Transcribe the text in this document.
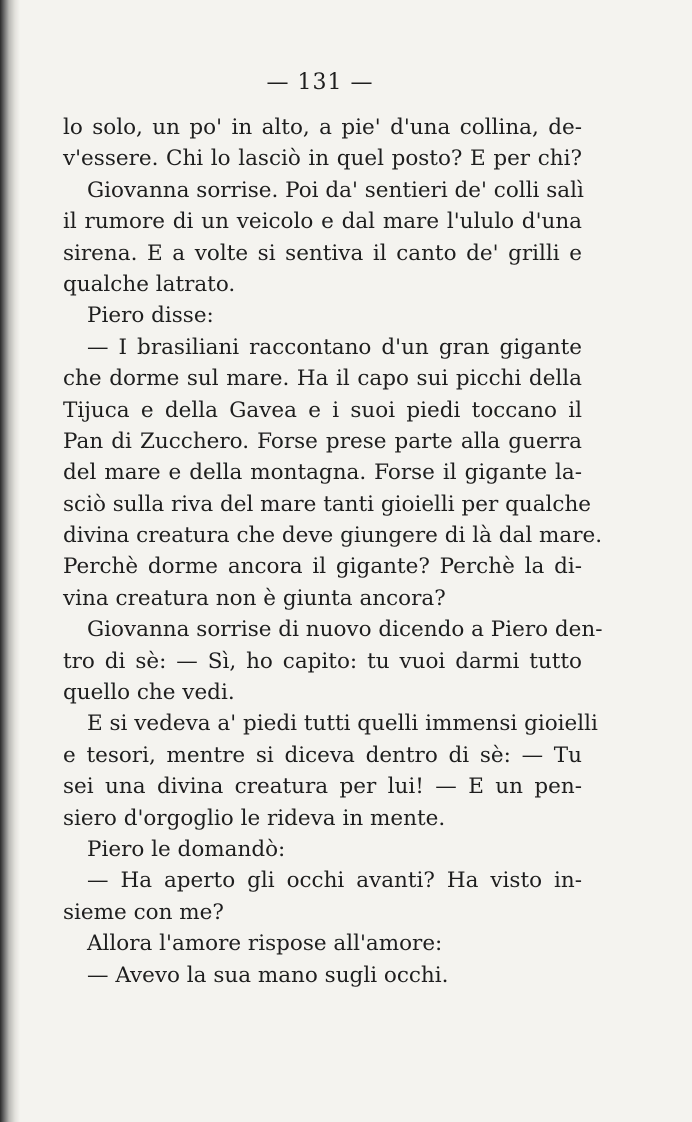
— 131 —
lo solo, un po' in alto, a pie' d'una collina, de-
v'essere. Chi lo lasciò in quel posto? E per chi?
Giovanna sorrise. Poi da' sentieri de' colli salì
il rumore di un veicolo e dal mare l'ululo d'una
sirena. E a volte si sentiva il canto de' grilli e
qualche latrato.
Piero disse:
— I brasiliani raccontano d'un gran gigante
che dorme sul mare. Ha il capo sui picchi della
Tijuca e della Gavea e i suoi piedi toccano il
Pan di Zucchero. Forse prese parte alla guerra
del mare e della montagna. Forse il gigante la-
sciò sulla riva del mare tanti gioielli per qualche
divina creatura che deve giungere di là dal mare.
Perchè dorme ancora il gigante? Perchè la di-
vina creatura non è giunta ancora?
Giovanna sorrise di nuovo dicendo a Piero den-
tro di sè: — Sì, ho capito: tu vuoi darmi tutto
quello che vedi.
E si vedeva a' piedi tutti quelli immensi gioielli
e tesori, mentre si diceva dentro di sè: — Tu
sei una divina creatura per lui! — E un pen-
siero d'orgoglio le rideva in mente.
Piero le domandò:
— Ha aperto gli occhi avanti? Ha visto in-
sieme con me?
Allora l'amore rispose all'amore:
— Avevo la sua mano sugli occhi.
